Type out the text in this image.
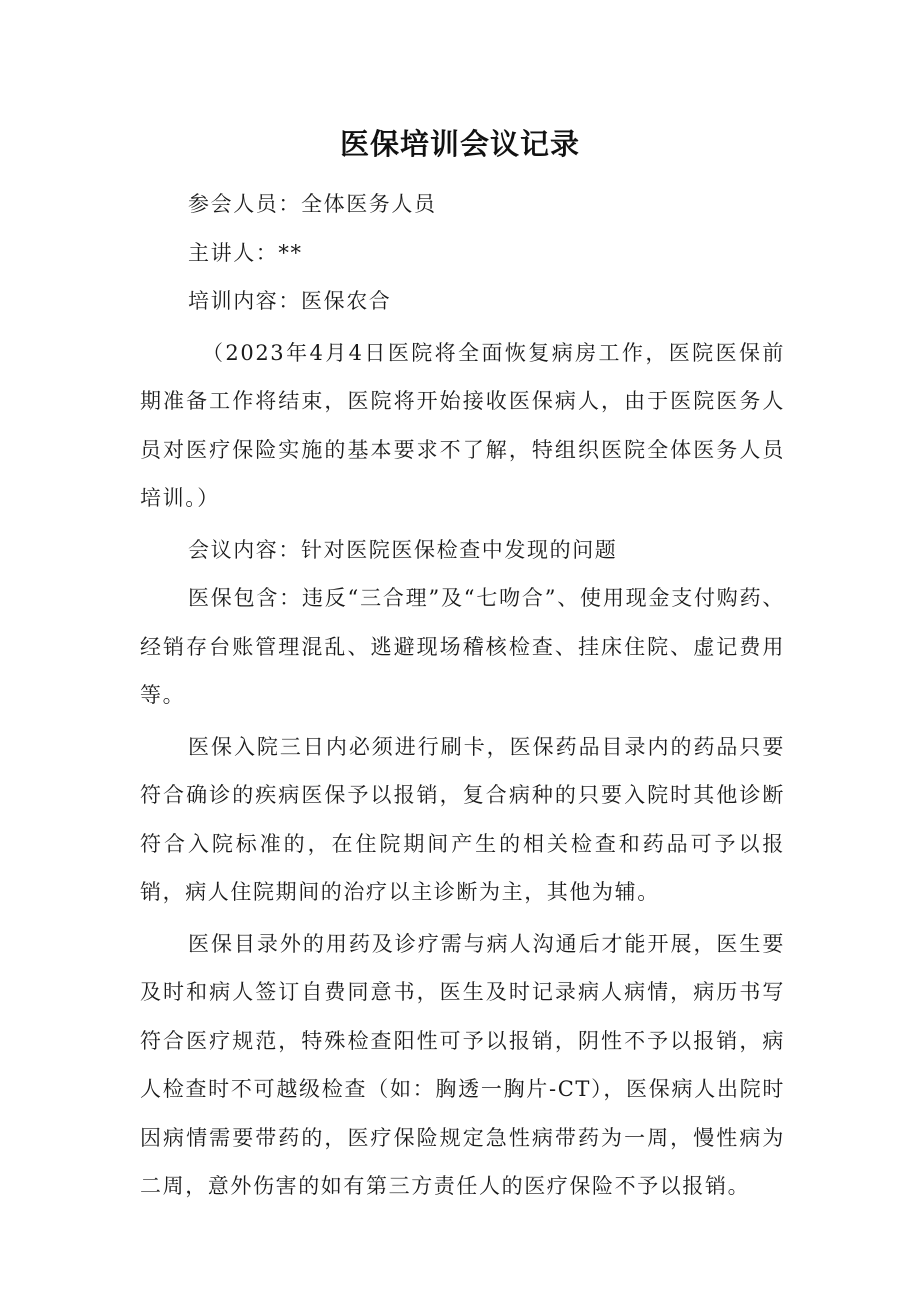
医保培训会议记录

参会人员：全体医务人员

主讲人：**

培训内容：医保农合

（2023年4月4日医院将全面恢复病房工作，医院医保前期准备工作将结束，医院将开始接收医保病人，由于医院医务人员对医疗保险实施的基本要求不了解，特组织医院全体医务人员培训。）

会议内容：针对医院医保检查中发现的问题

医保包含：违反“三合理”及“七吻合”、使用现金支付购药、经销存台账管理混乱、逃避现场稽核检查、挂床住院、虚记费用等。

医保入院三日内必须进行刷卡，医保药品目录内的药品只要符合确诊的疾病医保予以报销，复合病种的只要入院时其他诊断符合入院标准的，在住院期间产生的相关检查和药品可予以报销，病人住院期间的治疗以主诊断为主，其他为辅。

医保目录外的用药及诊疗需与病人沟通后才能开展，医生要及时和病人签订自费同意书，医生及时记录病人病情，病历书写符合医疗规范，特殊检查阳性可予以报销，阴性不予以报销，病人检查时不可越级检查（如：胸透一胸片-CT），医保病人出院时因病情需要带药的，医疗保险规定急性病带药为一周，慢性病为二周，意外伤害的如有第三方责任人的医疗保险不予以报销。
